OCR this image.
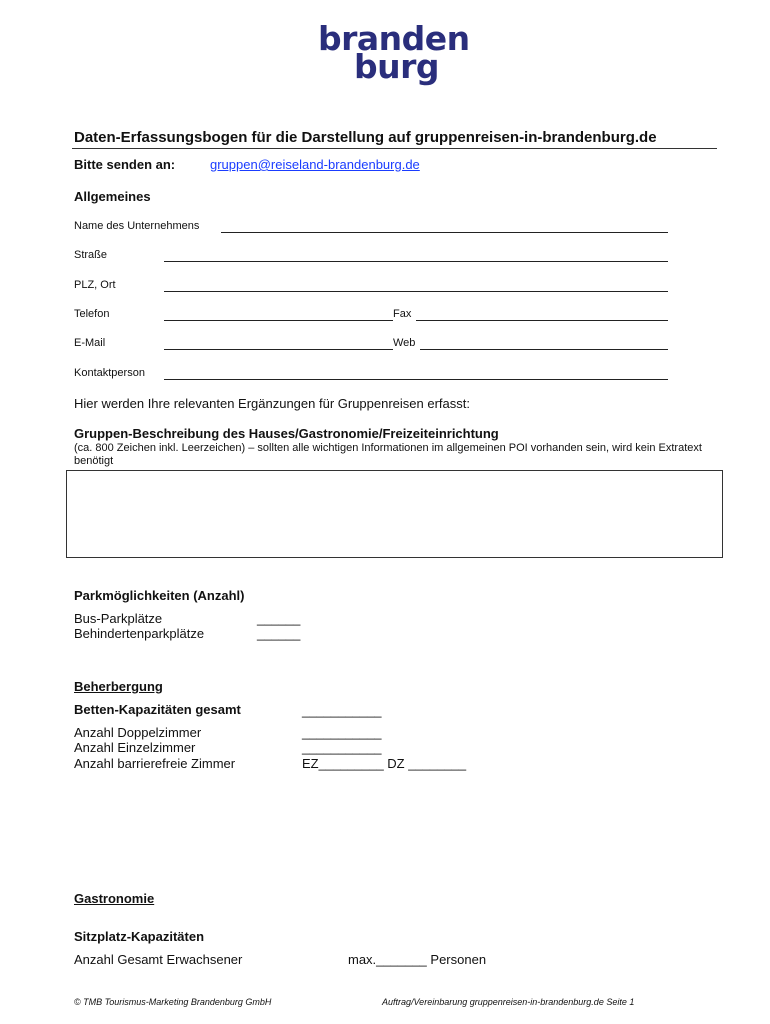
branden
burg
Daten-Erfassungsbogen für die Darstellung auf gruppenreisen-in-brandenburg.de
Bitte senden an:	gruppen@reiseland-brandenburg.de
Allgemeines
Name des Unternehmens
Straße
PLZ, Ort
Telefon	Fax
E-Mail	Web
Kontaktperson
Hier werden Ihre relevanten Ergänzungen für Gruppenreisen erfasst:
Gruppen-Beschreibung des Hauses/Gastronomie/Freizeiteinrichtung
(ca. 800 Zeichen inkl. Leerzeichen) – sollten alle wichtigen Informationen im allgemeinen POI vorhanden sein, wird kein Extratext benötigt
Parkmöglichkeiten (Anzahl)
Bus-Parkplätze	______
Behindertenparkplätze	______
Beherbergung
Betten-Kapazitäten gesamt	___________
Anzahl Doppelzimmer	___________
Anzahl Einzelzimmer	___________
Anzahl barrierefreie Zimmer	EZ_________ DZ ________
Gastronomie
Sitzplatz-Kapazitäten
Anzahl Gesamt Erwachsener	max._______ Personen
© TMB Tourismus-Marketing Brandenburg GmbH	Auftrag/Vereinbarung gruppenreisen-in-brandenburg.de Seite 1
